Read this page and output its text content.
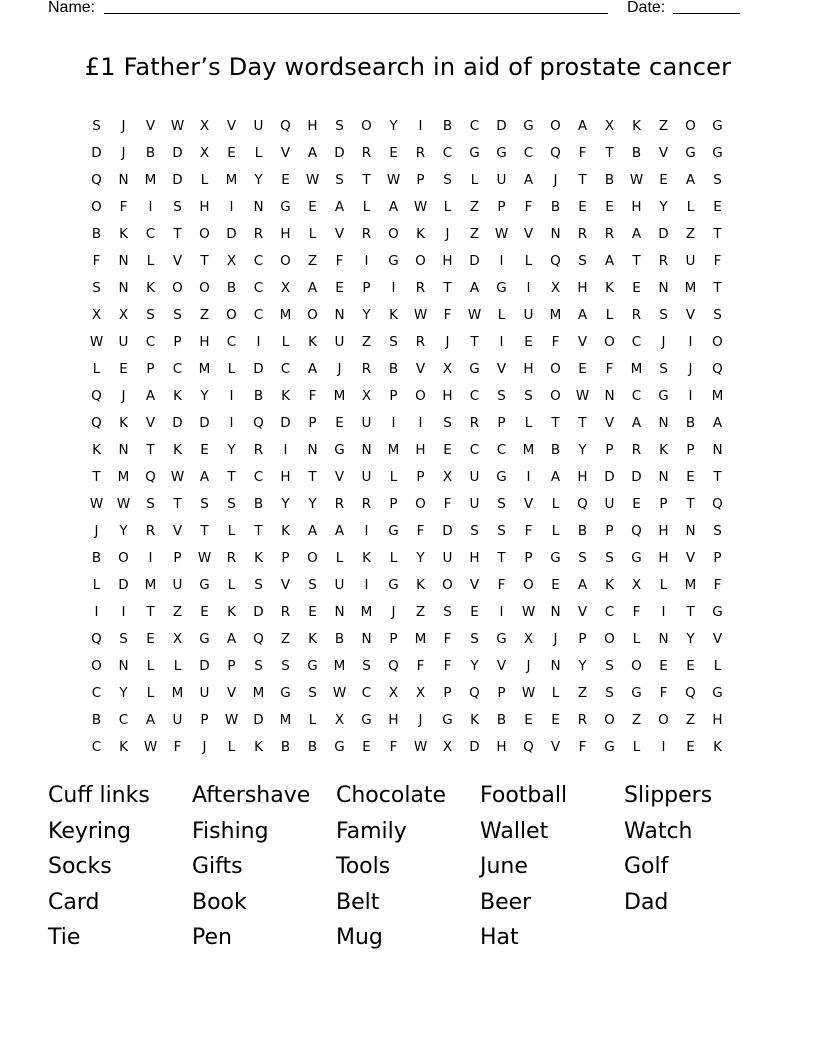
Name:	Date:
£1 Father’s Day wordsearch in aid of prostate cancer
S	J	V	W	X	V	U	Q	H	S	O	Y	I	B	C	D	G	O	A	X	K	Z	O	G
D	J	B	D	X	E	L	V	A	D	R	E	R	C	G	G	C	Q	F	T	B	V	G	G
Q	N	M	D	L	M	Y	E	W	S	T	W	P	S	L	U	A	J	T	B	W	E	A	S
O	F	I	S	H	I	N	G	E	A	L	A	W	L	Z	P	F	B	E	E	H	Y	L	E
B	K	C	T	O	D	R	H	L	V	R	O	K	J	Z	W	V	N	R	R	A	D	Z	T
F	N	L	V	T	X	C	O	Z	F	I	G	O	H	D	I	L	Q	S	A	T	R	U	F
S	N	K	O	O	B	C	X	A	E	P	I	R	T	A	G	I	X	H	K	E	N	M	T
X	X	S	S	Z	O	C	M	O	N	Y	K	W	F	W	L	U	M	A	L	R	S	V	S
W	U	C	P	H	C	I	L	K	U	Z	S	R	J	T	I	E	F	V	O	C	J	I	O
L	E	P	C	M	L	D	C	A	J	R	B	V	X	G	V	H	O	E	F	M	S	J	Q
Q	J	A	K	Y	I	B	K	F	M	X	P	O	H	C	S	S	O	W	N	C	G	I	M
Q	K	V	D	D	I	Q	D	P	E	U	I	I	S	R	P	L	T	T	V	A	N	B	A
K	N	T	K	E	Y	R	I	N	G	N	M	H	E	C	C	M	B	Y	P	R	K	P	N
T	M	Q	W	A	T	C	H	T	V	U	L	P	X	U	G	I	A	H	D	D	N	E	T
W	W	S	T	S	S	B	Y	Y	R	R	P	O	F	U	S	V	L	Q	U	E	P	T	Q
J	Y	R	V	T	L	T	K	A	A	I	G	F	D	S	S	F	L	B	P	Q	H	N	S
B	O	I	P	W	R	K	P	O	L	K	L	Y	U	H	T	P	G	S	S	G	H	V	P
L	D	M	U	G	L	S	V	S	U	I	G	K	O	V	F	O	E	A	K	X	L	M	F
I	I	T	Z	E	K	D	R	E	N	M	J	Z	S	E	I	W	N	V	C	F	I	T	G
Q	S	E	X	G	A	Q	Z	K	B	N	P	M	F	S	G	X	J	P	O	L	N	Y	V
O	N	L	L	D	P	S	S	G	M	S	Q	F	F	Y	V	J	N	Y	S	O	E	E	L
C	Y	L	M	U	V	M	G	S	W	C	X	X	P	Q	P	W	L	Z	S	G	F	Q	G
B	C	A	U	P	W	D	M	L	X	G	H	J	G	K	B	E	E	R	O	Z	O	Z	H
C	K	W	F	J	L	K	B	B	G	E	F	W	X	D	H	Q	V	F	G	L	I	E	K
Cuff links	Aftershave	Chocolate	Football	Slippers
Keyring	Fishing	Family	Wallet	Watch
Socks	Gifts	Tools	June	Golf
Card	Book	Belt	Beer	Dad
Tie	Pen	Mug	Hat
